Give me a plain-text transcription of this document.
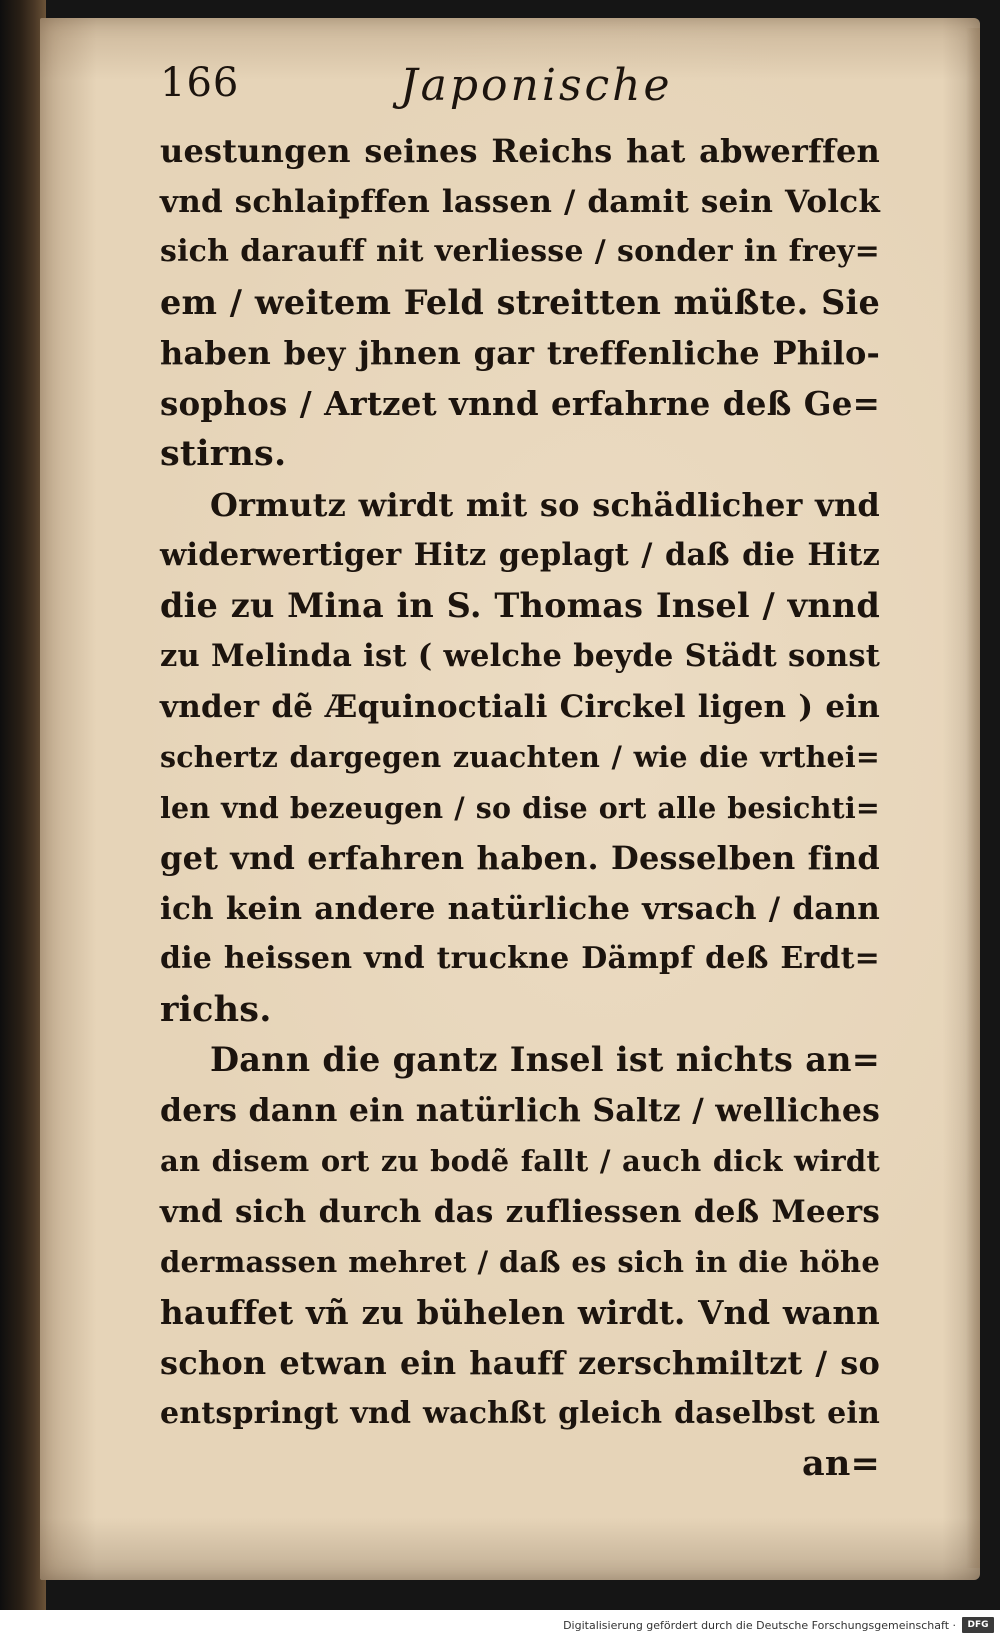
166	Japonische
uestungen seines Reichs hat abwerffen
vnd schlaipffen lassen / damit sein Volck
sich darauff nit verliesse / sonder in frey=
em / weitem Feld streitten müßte. Sie
haben bey jhnen gar treffenliche Philo-
sophos / Artzet vnnd erfahrne deß Ge=
stirns.
Ormutz wirdt mit so schädlicher vnd
widerwertiger Hitz geplagt / daß die Hitz
die zu Mina in S. Thomas Insel / vnnd
zu Melinda ist ( welche beyde Städt sonst
vnder dẽ Æquinoctiali Circkel ligen ) ein
schertz dargegen zuachten / wie die vrthei=
len vnd bezeugen / so dise ort alle besichti=
get vnd erfahren haben. Desselben find
ich kein andere natürliche vrsach / dann
die heissen vnd truckne Dämpf deß Erdt=
richs.
Dann die gantz Insel ist nichts an=
ders dann ein natürlich Saltz / welliches
an disem ort zu bodẽ fallt / auch dick wirdt
vnd sich durch das zufliessen deß Meers
dermassen mehret / daß es sich in die höhe
hauffet vñ zu bühelen wirdt. Vnd wann
schon etwan ein hauff zerschmiltzt / so
entspringt vnd wachßt gleich daselbst ein
an=
Digitalisierung gefördert durch die Deutsche Forschungsgemeinschaft ·	DFG
